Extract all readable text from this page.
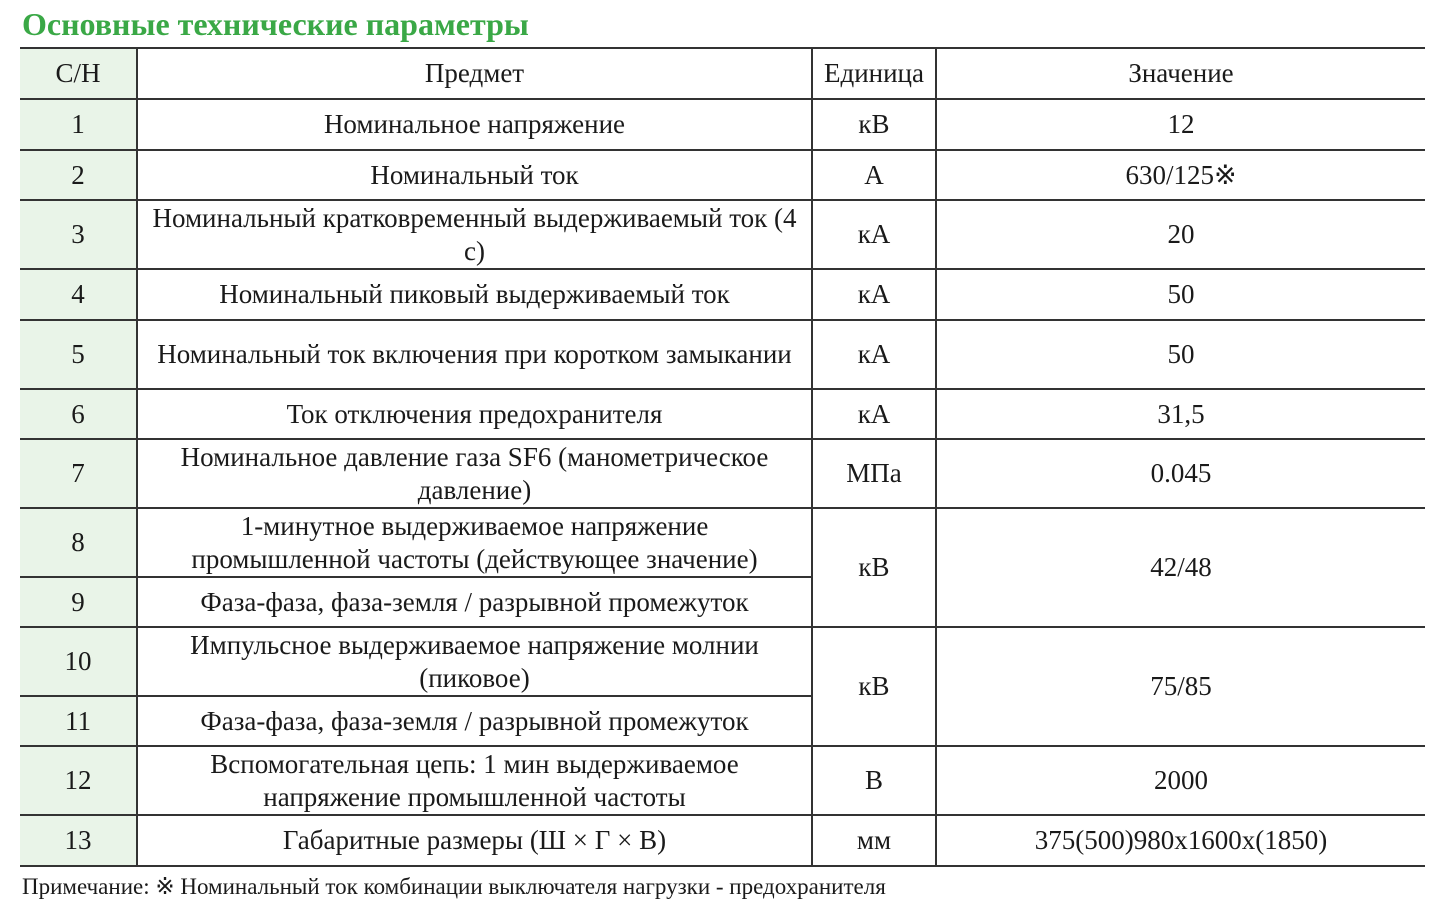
Основные технические параметры
С/Н	Предмет	Единица	Значение
1	Номинальное напряжение	кВ	12
2	Номинальный ток	А	630/125※
3	Номинальный кратковременный выдерживаемый ток (4 с)	кА	20
4	Номинальный пиковый выдерживаемый ток	кА	50
5	Номинальный ток включения при коротком замыкании	кА	50
6	Ток отключения предохранителя	кА	31,5
7	Номинальное давление газа SF6 (манометрическое давление)	МПа	0.045
8	1-минутное выдерживаемое напряжение промышленной частоты (действующее значение)	кВ	42/48
9	Фаза-фаза, фаза-земля / разрывной промежуток		
10	Импульсное выдерживаемое напряжение молнии (пиковое)	кВ	75/85
11	Фаза-фаза, фаза-земля / разрывной промежуток		
12	Вспомогательная цепь: 1 мин выдерживаемое напряжение промышленной частоты	В	2000
13	Габаритные размеры (Ш × Г × В)	мм	375(500)980x1600x(1850)
Примечание: ※ Номинальный ток комбинации выключателя нагрузки - предохранителя
